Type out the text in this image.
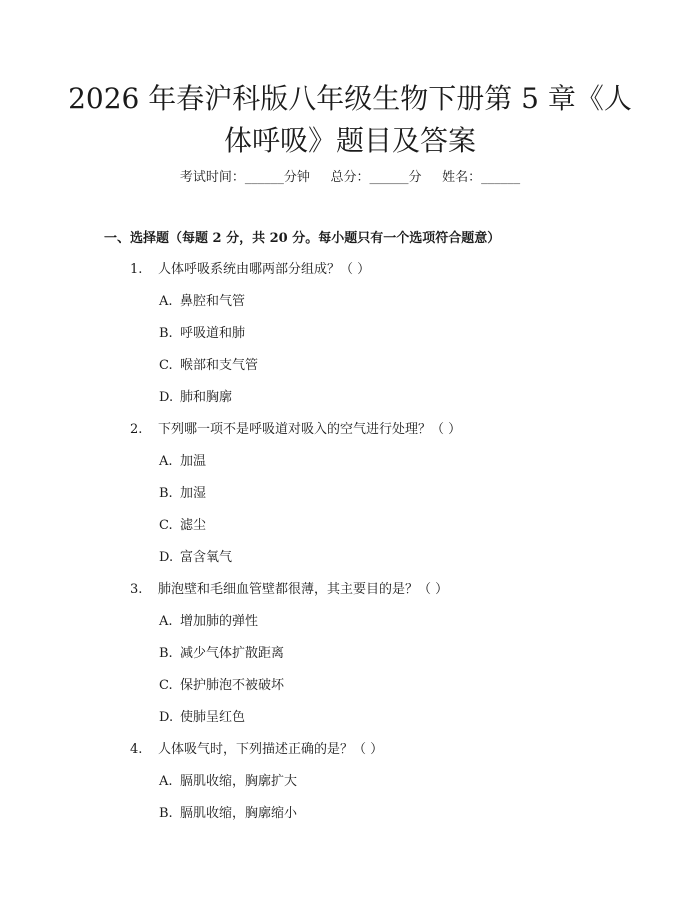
2026 年春沪科版八年级生物下册第 5 章《人
体呼吸》题目及答案
考试时间：______分钟     总分：______分     姓名：______
一、选择题（每题 2 分，共 20 分。每小题只有一个选项符合题意）
1. 人体呼吸系统由哪两部分组成？（ ）
A. 鼻腔和气管
B. 呼吸道和肺
C. 喉部和支气管
D. 肺和胸廓
2. 下列哪一项不是呼吸道对吸入的空气进行处理？（ ）
A. 加温
B. 加湿
C. 滤尘
D. 富含氧气
3. 肺泡壁和毛细血管壁都很薄，其主要目的是？（ ）
A. 增加肺的弹性
B. 减少气体扩散距离
C. 保护肺泡不被破坏
D. 使肺呈红色
4. 人体吸气时，下列描述正确的是？（ ）
A. 膈肌收缩，胸廓扩大
B. 膈肌收缩，胸廓缩小
